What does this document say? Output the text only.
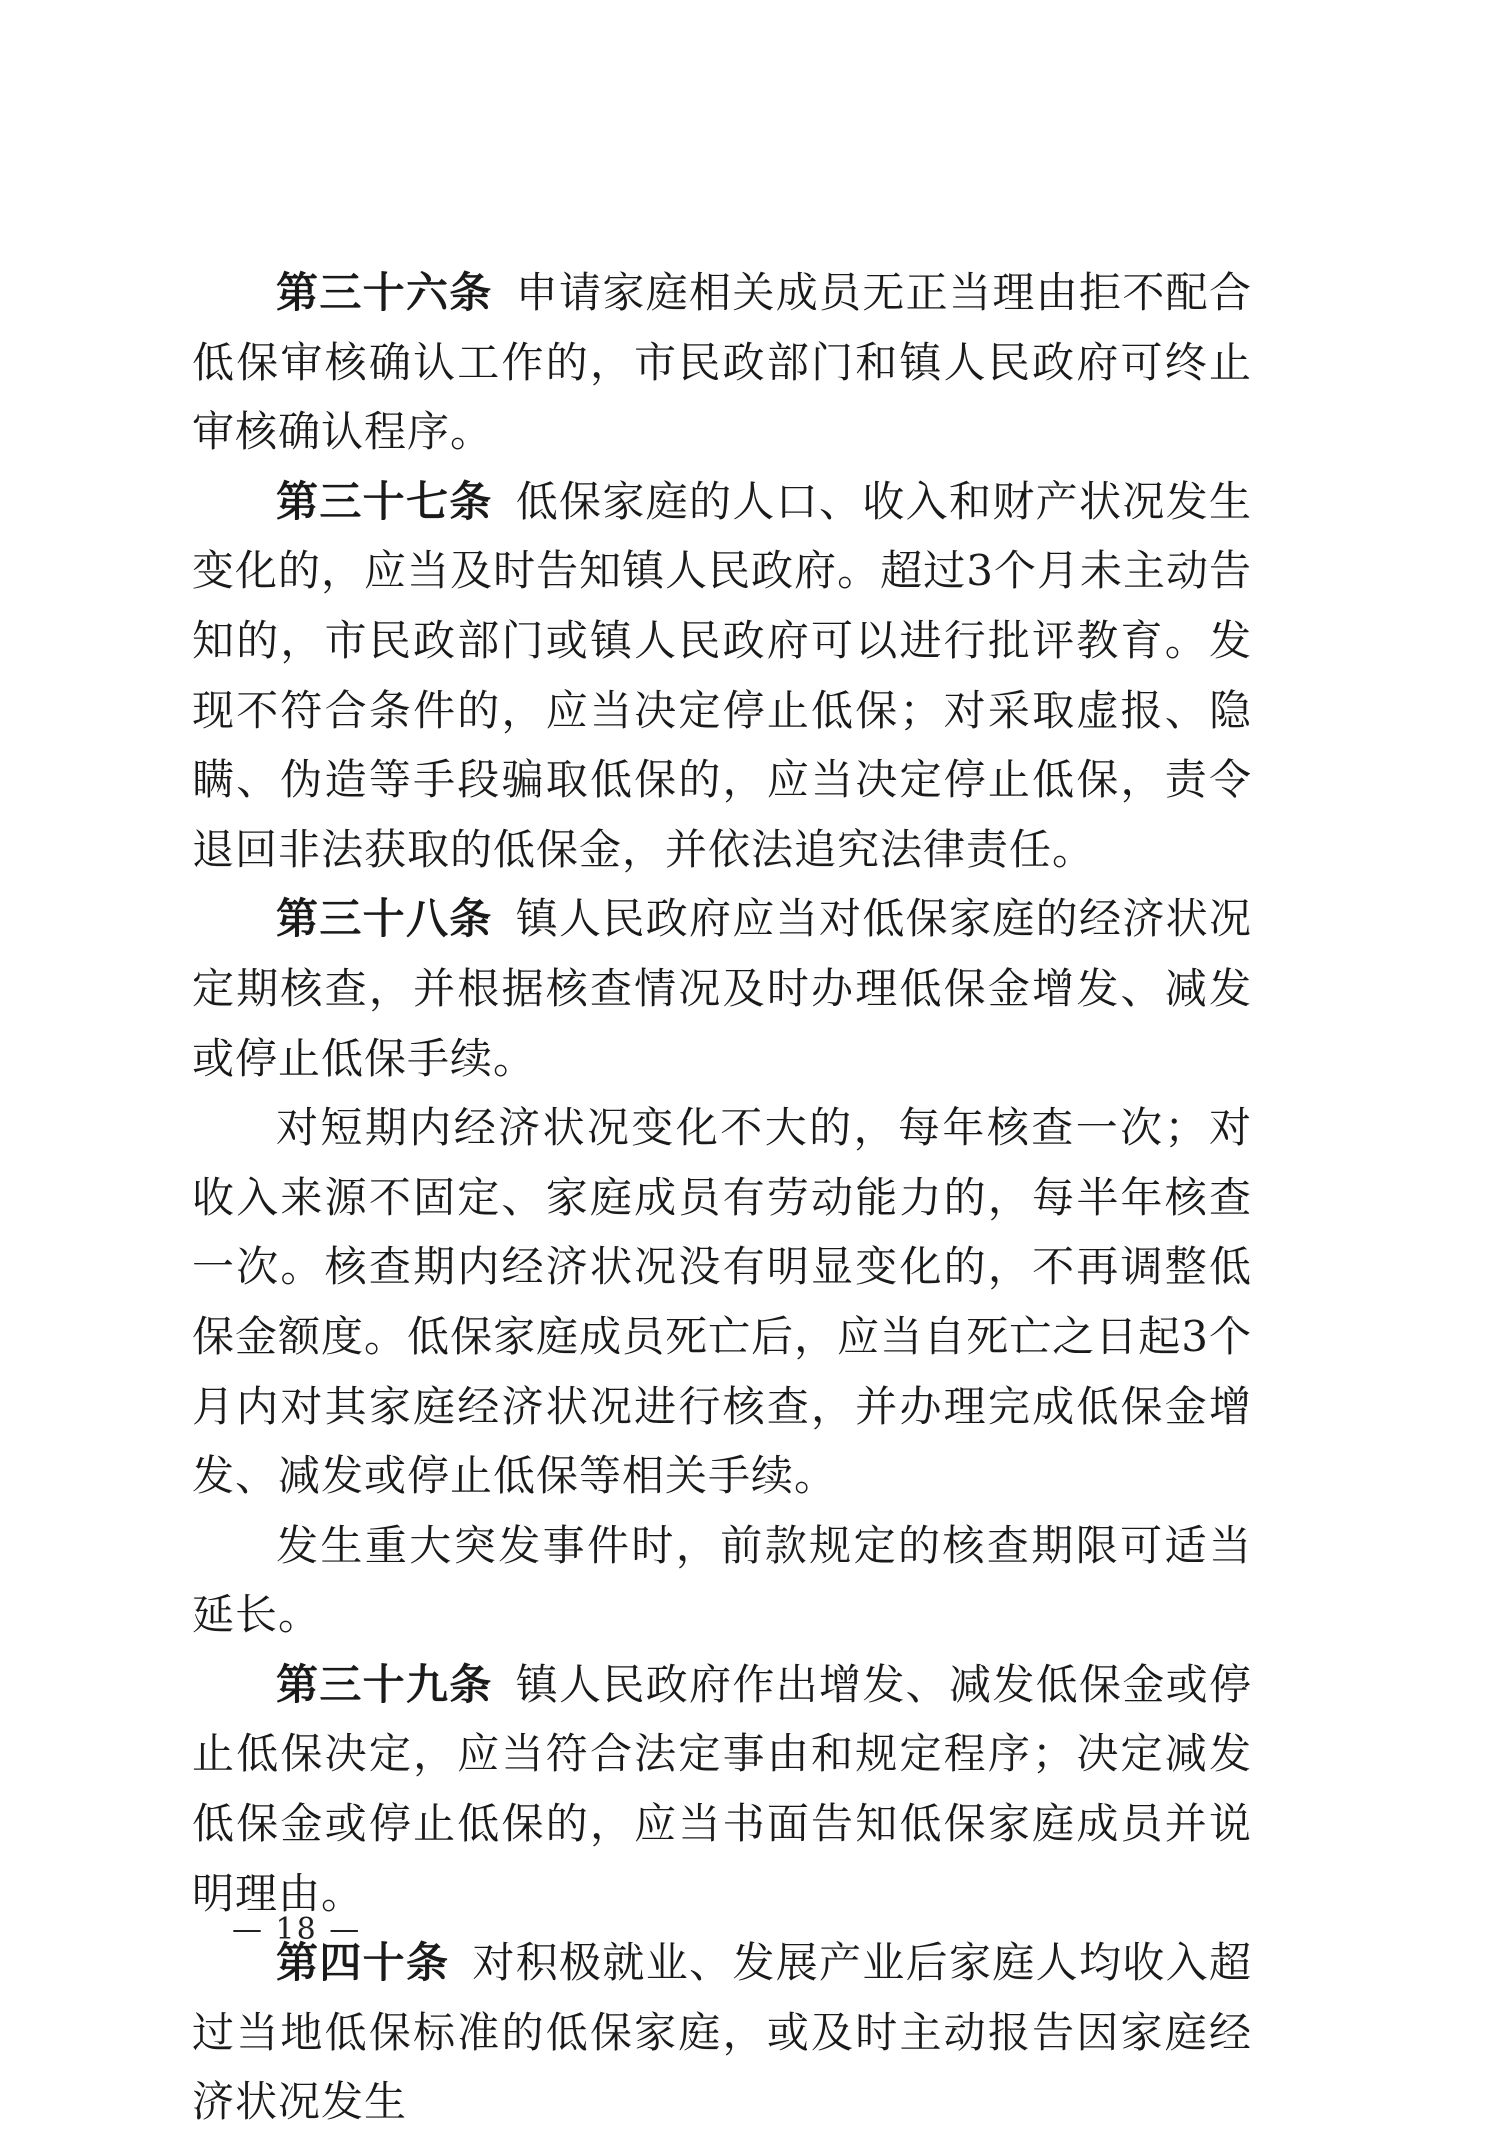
第三十六条 申请家庭相关成员无正当理由拒不配合低保审核确认工作的，市民政部门和镇人民政府可终止审核确认程序。

第三十七条 低保家庭的人口、收入和财产状况发生变化的，应当及时告知镇人民政府。超过3个月未主动告知的，市民政部门或镇人民政府可以进行批评教育。发现不符合条件的，应当决定停止低保；对采取虚报、隐瞒、伪造等手段骗取低保的，应当决定停止低保，责令退回非法获取的低保金，并依法追究法律责任。

第三十八条 镇人民政府应当对低保家庭的经济状况定期核查，并根据核查情况及时办理低保金增发、减发或停止低保手续。

对短期内经济状况变化不大的，每年核查一次；对收入来源不固定、家庭成员有劳动能力的，每半年核查一次。核查期内经济状况没有明显变化的，不再调整低保金额度。低保家庭成员死亡后，应当自死亡之日起3个月内对其家庭经济状况进行核查，并办理完成低保金增发、减发或停止低保等相关手续。

发生重大突发事件时，前款规定的核查期限可适当延长。

第三十九条 镇人民政府作出增发、减发低保金或停止低保决定，应当符合法定事由和规定程序；决定减发低保金或停止低保的，应当书面告知低保家庭成员并说明理由。

第四十条 对积极就业、发展产业后家庭人均收入超过当地低保标准的低保家庭，或及时主动报告因家庭经济状况发生

— 18 —
